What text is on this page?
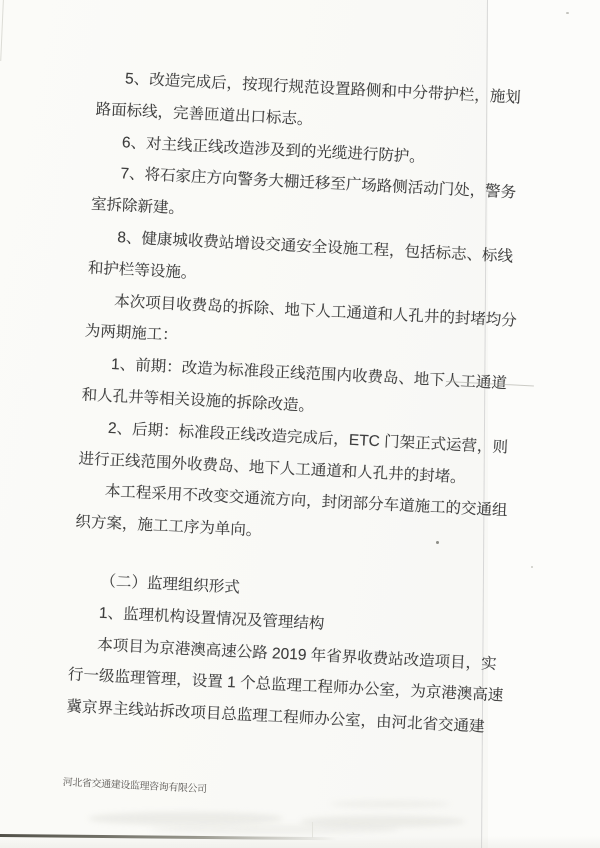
5、改造完成后，按现行规范设置路侧和中分带护栏，施划
路面标线，完善匝道出口标志。
6、对主线正线改造涉及到的光缆进行防护。
7、将石家庄方向警务大棚迁移至广场路侧活动门处，警务
室拆除新建。
8、健康城收费站增设交通安全设施工程，包括标志、标线
和护栏等设施。
本次项目收费岛的拆除、地下人工通道和人孔井的封堵均分
为两期施工：
1、前期：改造为标准段正线范围内收费岛、地下人工通道
和人孔井等相关设施的拆除改造。
2、后期：标准段正线改造完成后，ETC 门架正式运营，则
进行正线范围外收费岛、地下人工通道和人孔井的封堵。
本工程采用不改变交通流方向，封闭部分车道施工的交通组
织方案，施工工序为单向。
（二）监理组织形式
1、监理机构设置情况及管理结构
本项目为京港澳高速公路 2019 年省界收费站改造项目，实
行一级监理管理，设置 1 个总监理工程师办公室，为京港澳高速
冀京界主线站拆改项目总监理工程师办公室，由河北省交通建
河北省交通建设监理咨询有限公司
